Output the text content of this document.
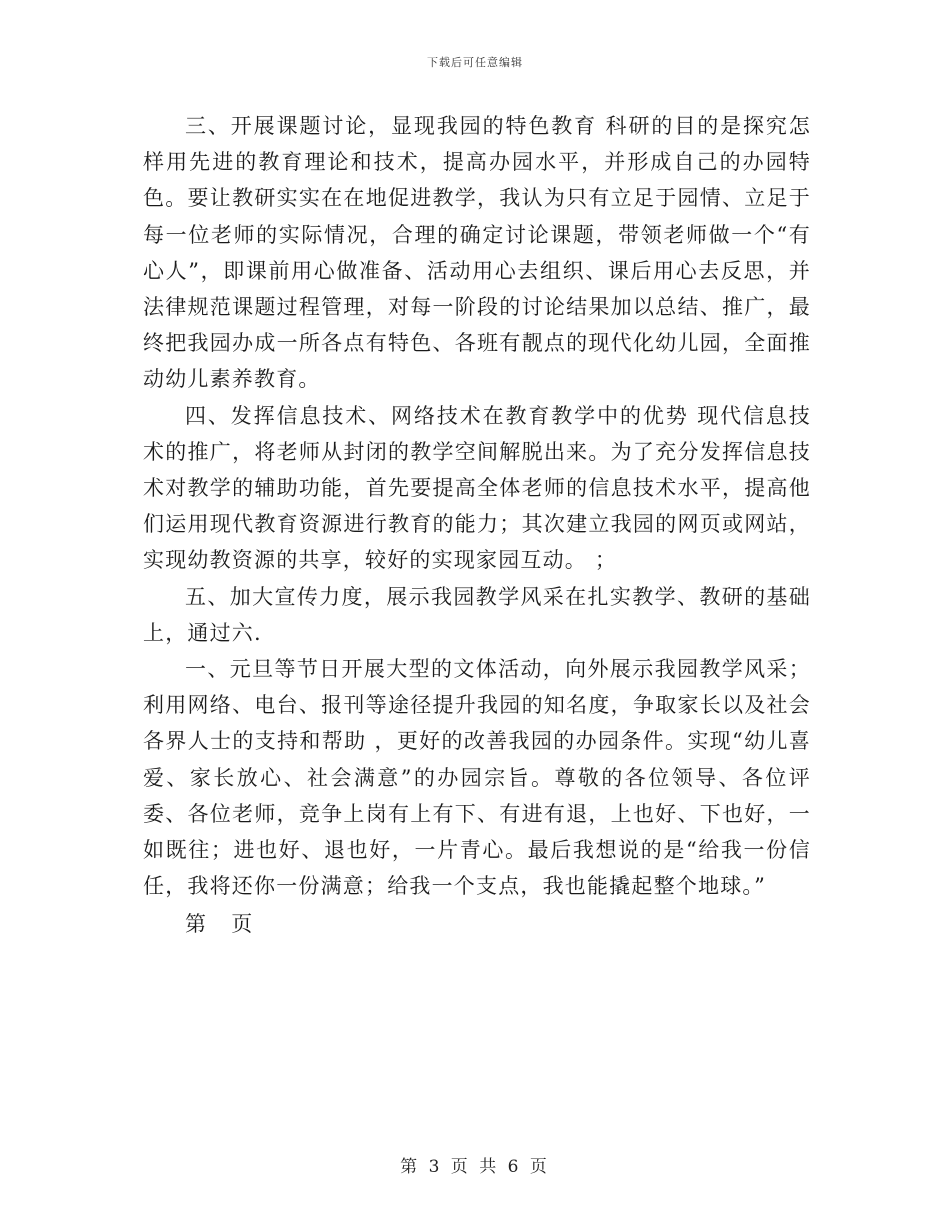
下载后可任意编辑

三、开展课题讨论，显现我园的特色教育 科研的目的是探究怎样用先进的教育理论和技术，提高办园水平，并形成自己的办园特色。要让教研实实在在地促进教学，我认为只有立足于园情、立足于每一位老师的实际情况，合理的确定讨论课题，带领老师做一个“有心人”，即课前用心做准备、活动用心去组织、课后用心去反思，并法律规范课题过程管理，对每一阶段的讨论结果加以总结、推广，最终把我园办成一所各点有特色、各班有靓点的现代化幼儿园，全面推动幼儿素养教育。

四、发挥信息技术、网络技术在教育教学中的优势 现代信息技术的推广，将老师从封闭的教学空间解脱出来。为了充分发挥信息技术对教学的辅助功能，首先要提高全体老师的信息技术水平，提高他们运用现代教育资源进行教育的能力；其次建立我园的网页或网站，实现幼教资源的共享，较好的实现家园互动。 ；

五、加大宣传力度，展示我园教学风采在扎实教学、教研的基础上，通过六.

一、元旦等节日开展大型的文体活动，向外展示我园教学风采；利用网络、电台、报刊等途径提升我园的知名度，争取家长以及社会各界人士的支持和帮助 ，更好的改善我园的办园条件。实现“幼儿喜爱、家长放心、社会满意”的办园宗旨。尊敬的各位领导、各位评委、各位老师，竞争上岗有上有下、有进有退，上也好、下也好，一如既往；进也好、退也好，一片青心。最后我想说的是“给我一份信任，我将还你一份满意；给我一个支点，我也能撬起整个地球。”

第 页
第 3 页 共 6 页
